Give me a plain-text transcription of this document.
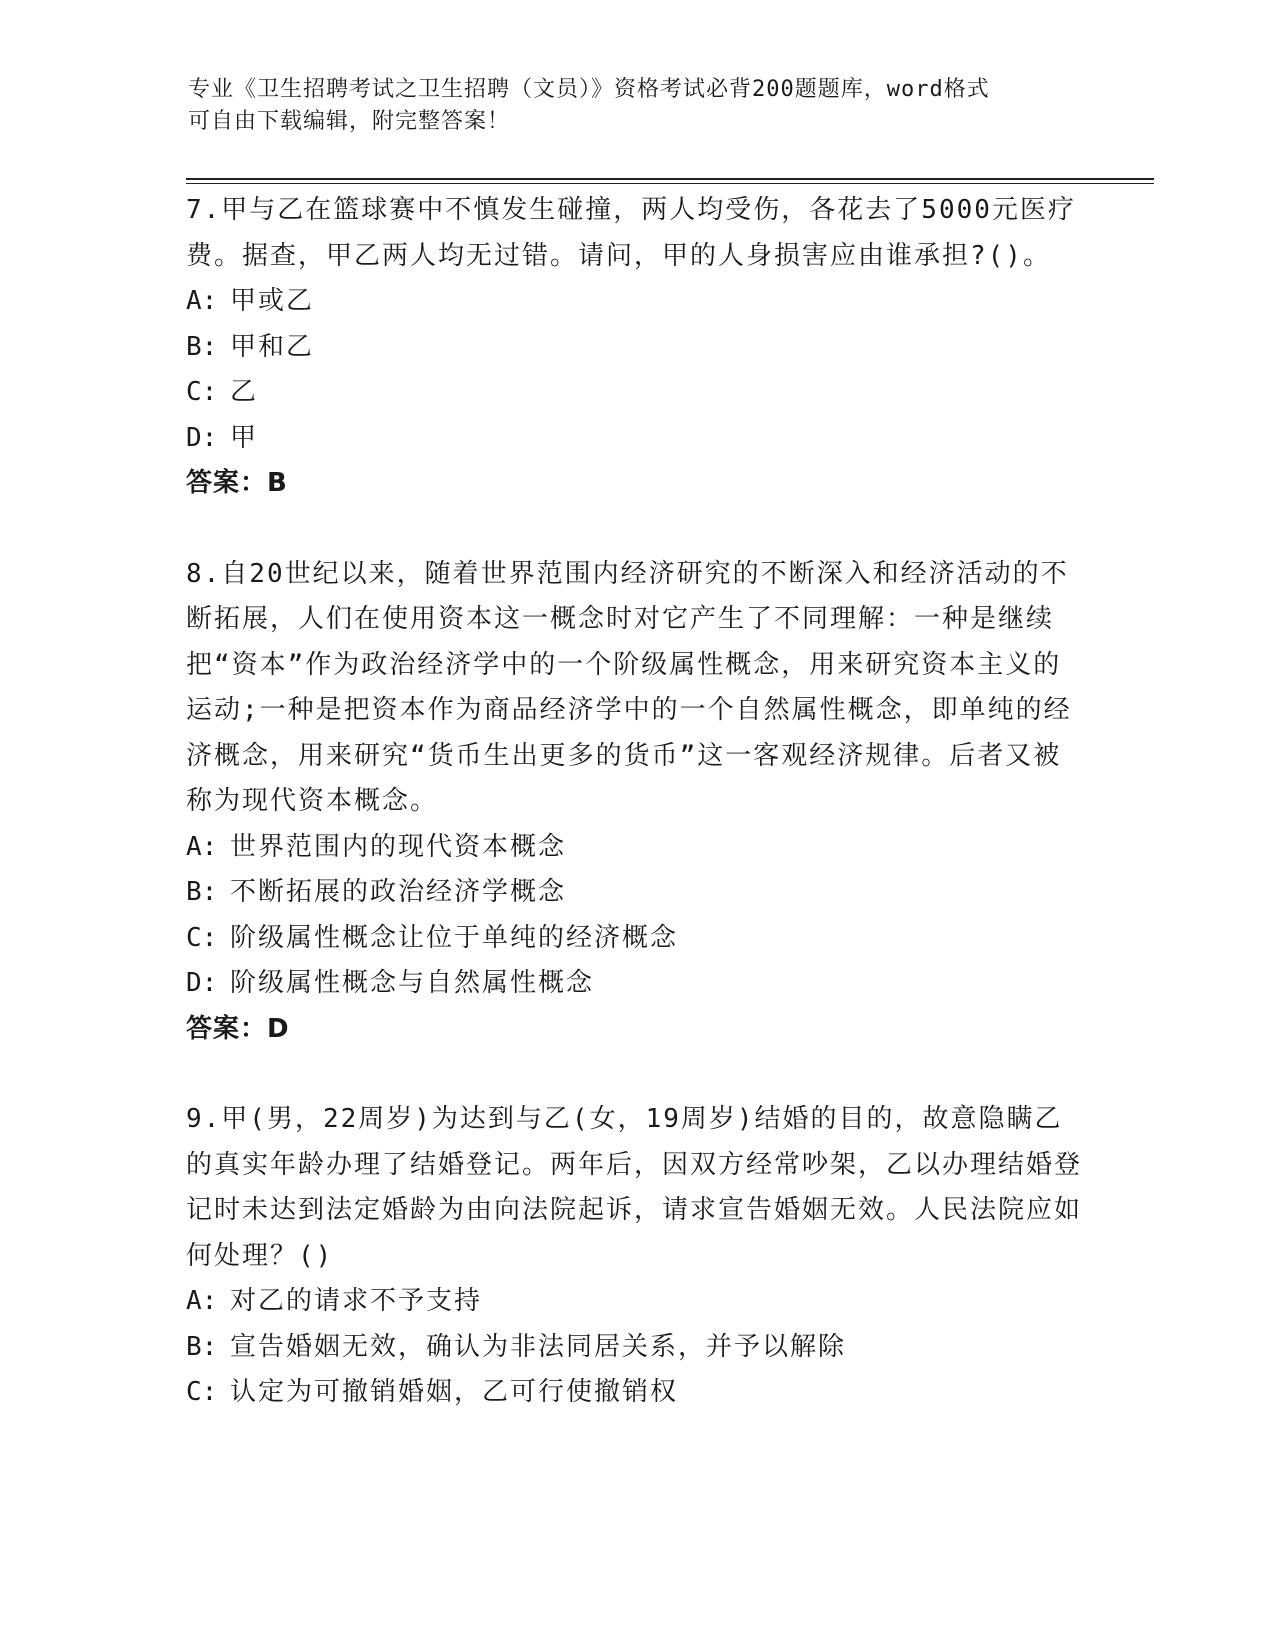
专业《卫生招聘考试之卫生招聘（文员）》资格考试必背200题题库，word格式
可自由下载编辑，附完整答案！

7.甲与乙在篮球赛中不慎发生碰撞，两人均受伤，各花去了5000元医疗费。据查，甲乙两人均无过错。请问，甲的人身损害应由谁承担?()。

A: 甲或乙
B: 甲和乙
C: 乙
D: 甲
答案：B

8.自20世纪以来，随着世界范围内经济研究的不断深入和经济活动的不断拓展，人们在使用资本这一概念时对它产生了不同理解：一种是继续把“资本”作为政治经济学中的一个阶级属性概念，用来研究资本主义的运动;一种是把资本作为商品经济学中的一个自然属性概念，即单纯的经济概念，用来研究“货币生出更多的货币”这一客观经济规律。后者又被称为现代资本概念。

A: 世界范围内的现代资本概念
B: 不断拓展的政治经济学概念
C: 阶级属性概念让位于单纯的经济概念
D: 阶级属性概念与自然属性概念
答案：D

9.甲(男，22周岁)为达到与乙(女，19周岁)结婚的目的，故意隐瞒乙的真实年龄办理了结婚登记。两年后，因双方经常吵架，乙以办理结婚登记时未达到法定婚龄为由向法院起诉，请求宣告婚姻无效。人民法院应如何处理？()

A: 对乙的请求不予支持
B: 宣告婚姻无效，确认为非法同居关系，并予以解除
C: 认定为可撤销婚姻，乙可行使撤销权
